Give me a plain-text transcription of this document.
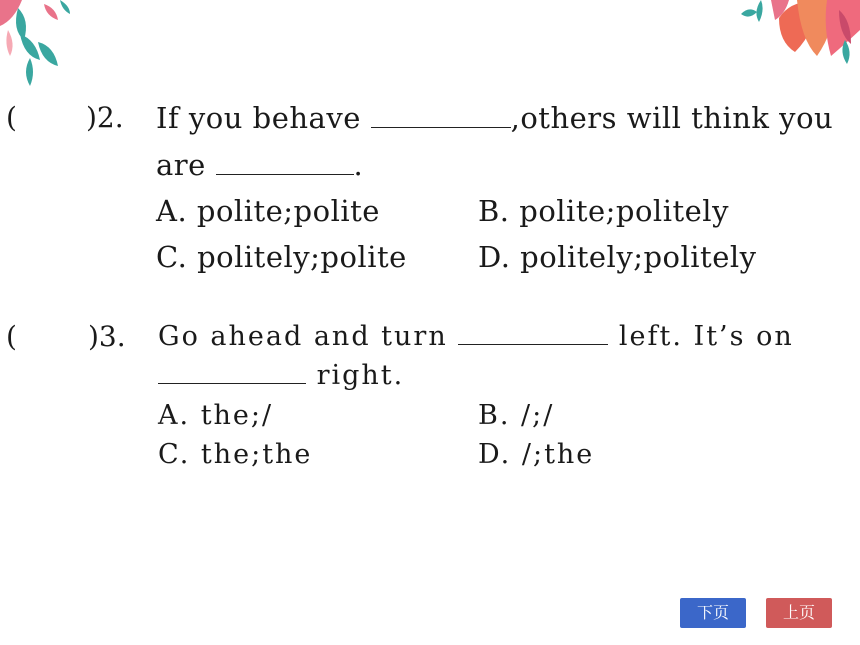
( )2. If you behave	,others will think you
are	.
A. polite;polite	B. polite;politely
C. politely;polite D. politely;politely
(	)3. Go ahead and turn	left. It’s on
right.
A. the;/	B. /;/
C. the;the	D. /;the
下页	上页
